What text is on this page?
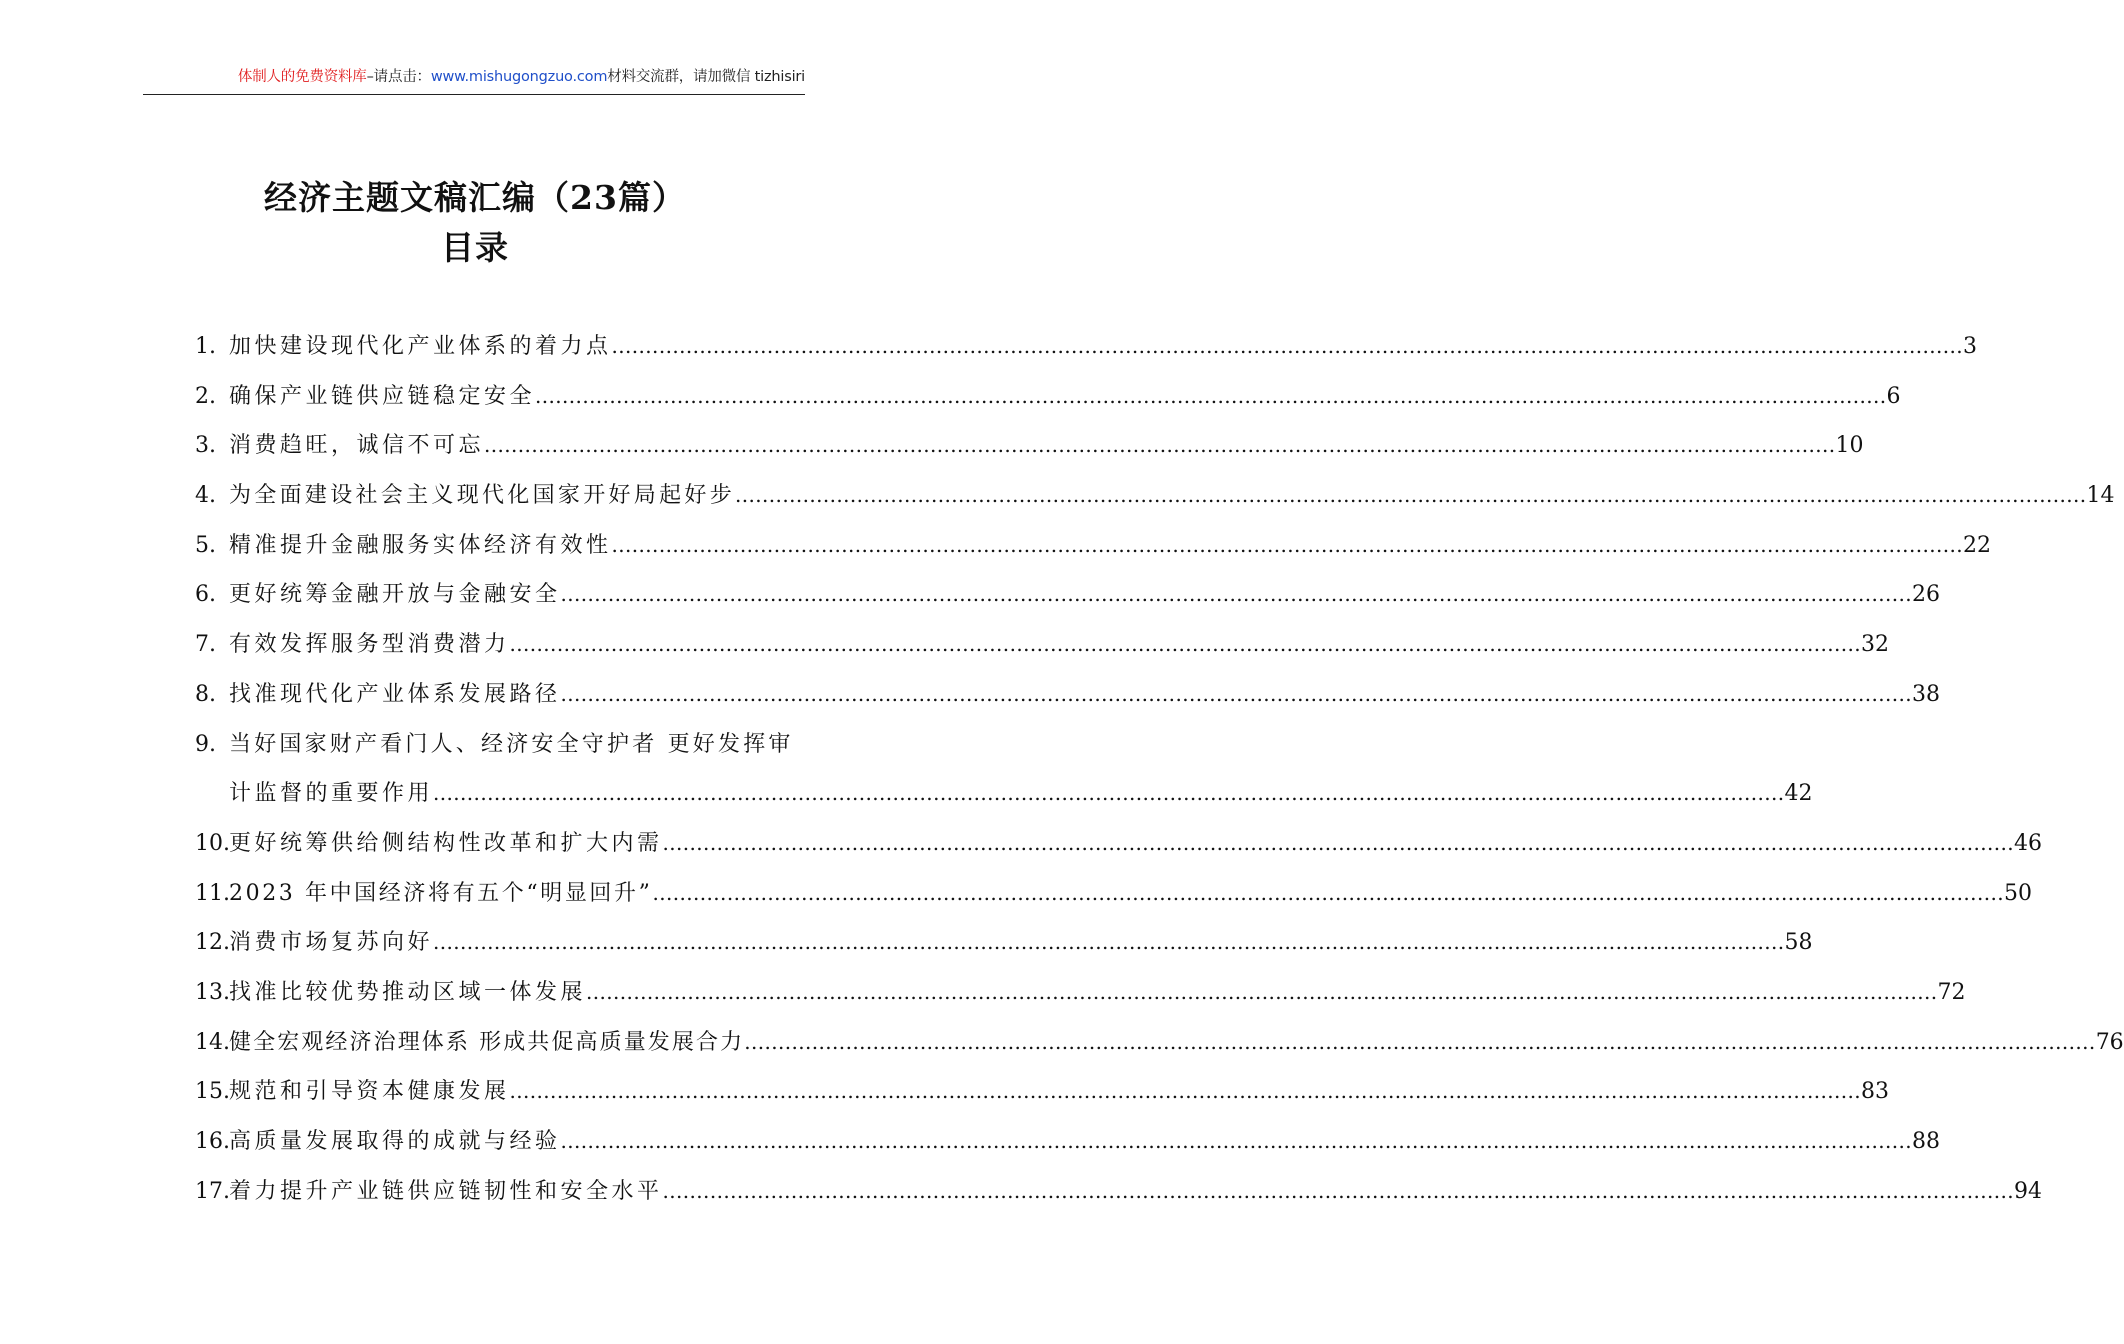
体制人的免费资料库–请点击：www.mishugongzuo.com材料交流群，请加微信 tizhisiri
经济主题文稿汇编（23篇）
目录
1. 加快建设现代化产业体系的着力点 ........................................................................................................................................................................................................ 3
2. 确保产业链供应链稳定安全 ........................................................................................................................................................................................................ 6
3. 消费趋旺，诚信不可忘 ........................................................................................................................................................................................................ 10
4. 为全面建设社会主义现代化国家开好局起好步 ........................................................................................................................................................................................................ 14
5. 精准提升金融服务实体经济有效性 ........................................................................................................................................................................................................ 22
6. 更好统筹金融开放与金融安全 ........................................................................................................................................................................................................ 26
7. 有效发挥服务型消费潜力 ........................................................................................................................................................................................................ 32
8. 找准现代化产业体系发展路径 ........................................................................................................................................................................................................ 38
9. 当好国家财产看门人、经济安全守护者 更好发挥审
计监督的重要作用 ........................................................................................................................................................................................................ 42
10. 更好统筹供给侧结构性改革和扩大内需 ........................................................................................................................................................................................................ 46
11. 2023 年中国经济将有五个“明显回升” ........................................................................................................................................................................................................ 50
12. 消费市场复苏向好 ........................................................................................................................................................................................................ 58
13. 找准比较优势推动区域一体发展 ........................................................................................................................................................................................................ 72
14. 健全宏观经济治理体系 形成共促高质量发展合力 ........................................................................................................................................................................................................ 76
15. 规范和引导资本健康发展 ........................................................................................................................................................................................................ 83
16. 高质量发展取得的成就与经验 ........................................................................................................................................................................................................ 88
17. 着力提升产业链供应链韧性和安全水平 ........................................................................................................................................................................................................ 94
